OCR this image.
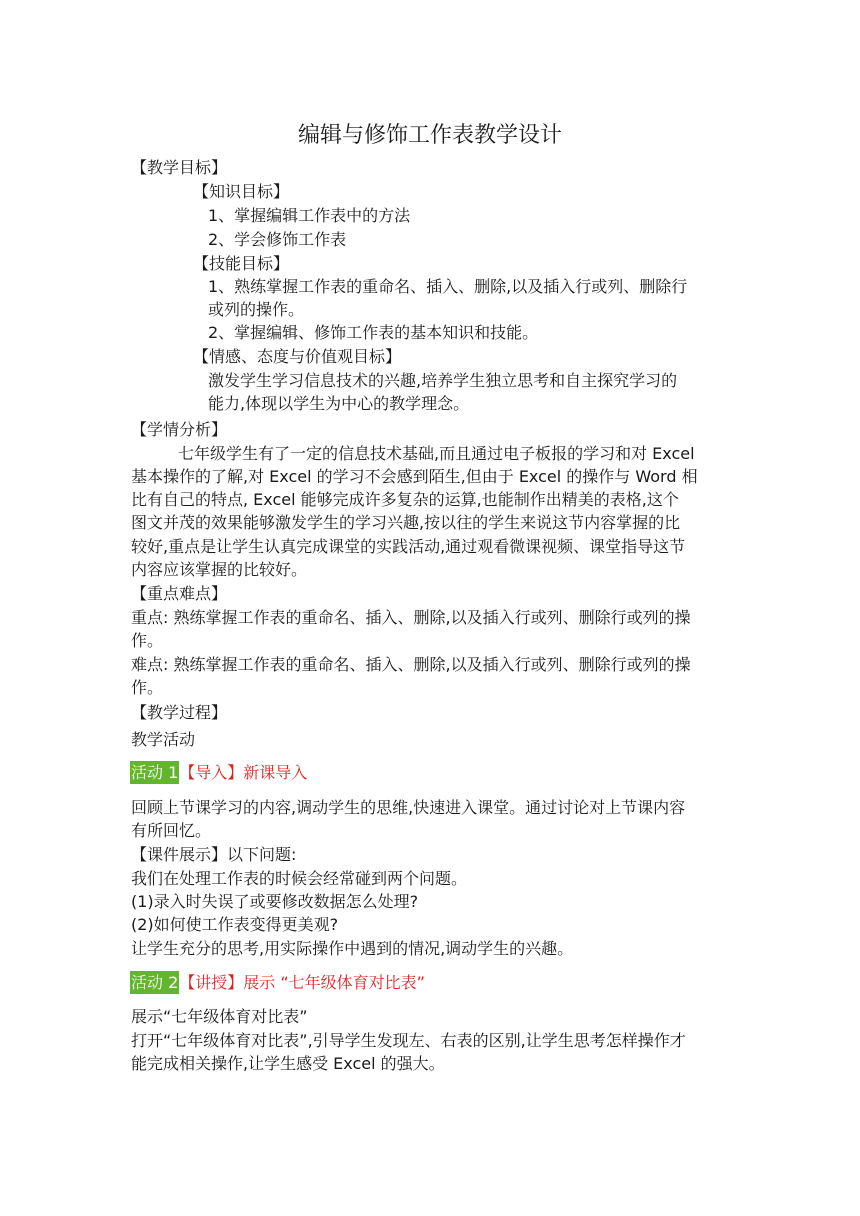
编辑与修饰工作表教学设计
【教学目标】
【知识目标】
1、掌握编辑工作表中的方法
2、学会修饰工作表
【技能目标】
1、熟练掌握工作表的重命名、插入、删除,以及插入行或列、删除行
或列的操作。
2、掌握编辑、修饰工作表的基本知识和技能。
【情感、态度与价值观目标】
激发学生学习信息技术的兴趣,培养学生独立思考和自主探究学习的
能力,体现以学生为中心的教学理念。
【学情分析】
七年级学生有了一定的信息技术基础,而且通过电子板报的学习和对 Excel
基本操作的了解,对 Excel 的学习不会感到陌生,但由于 Excel 的操作与 Word 相
比有自己的特点, Excel 能够完成许多复杂的运算,也能制作出精美的表格,这个
图文并茂的效果能够激发学生的学习兴趣,按以往的学生来说这节内容掌握的比
较好,重点是让学生认真完成课堂的实践活动,通过观看微课视频、课堂指导这节
内容应该掌握的比较好。
【重点难点】
重点: 熟练掌握工作表的重命名、插入、删除,以及插入行或列、删除行或列的操
作。
难点: 熟练掌握工作表的重命名、插入、删除,以及插入行或列、删除行或列的操
作。
【教学过程】
教学活动
活动 1【导入】新课导入
回顾上节课学习的内容,调动学生的思维,快速进入课堂。通过讨论对上节课内容
有所回忆。
【课件展示】以下问题:
我们在处理工作表的时候会经常碰到两个问题。
(1)录入时失误了或要修改数据怎么处理?
(2)如何使工作表变得更美观?
让学生充分的思考,用实际操作中遇到的情况,调动学生的兴趣。
活动 2【讲授】展示 “七年级体育对比表”
展示“七年级体育对比表”
打开“七年级体育对比表”,引导学生发现左、右表的区别,让学生思考怎样操作才
能完成相关操作,让学生感受 Excel 的强大。
